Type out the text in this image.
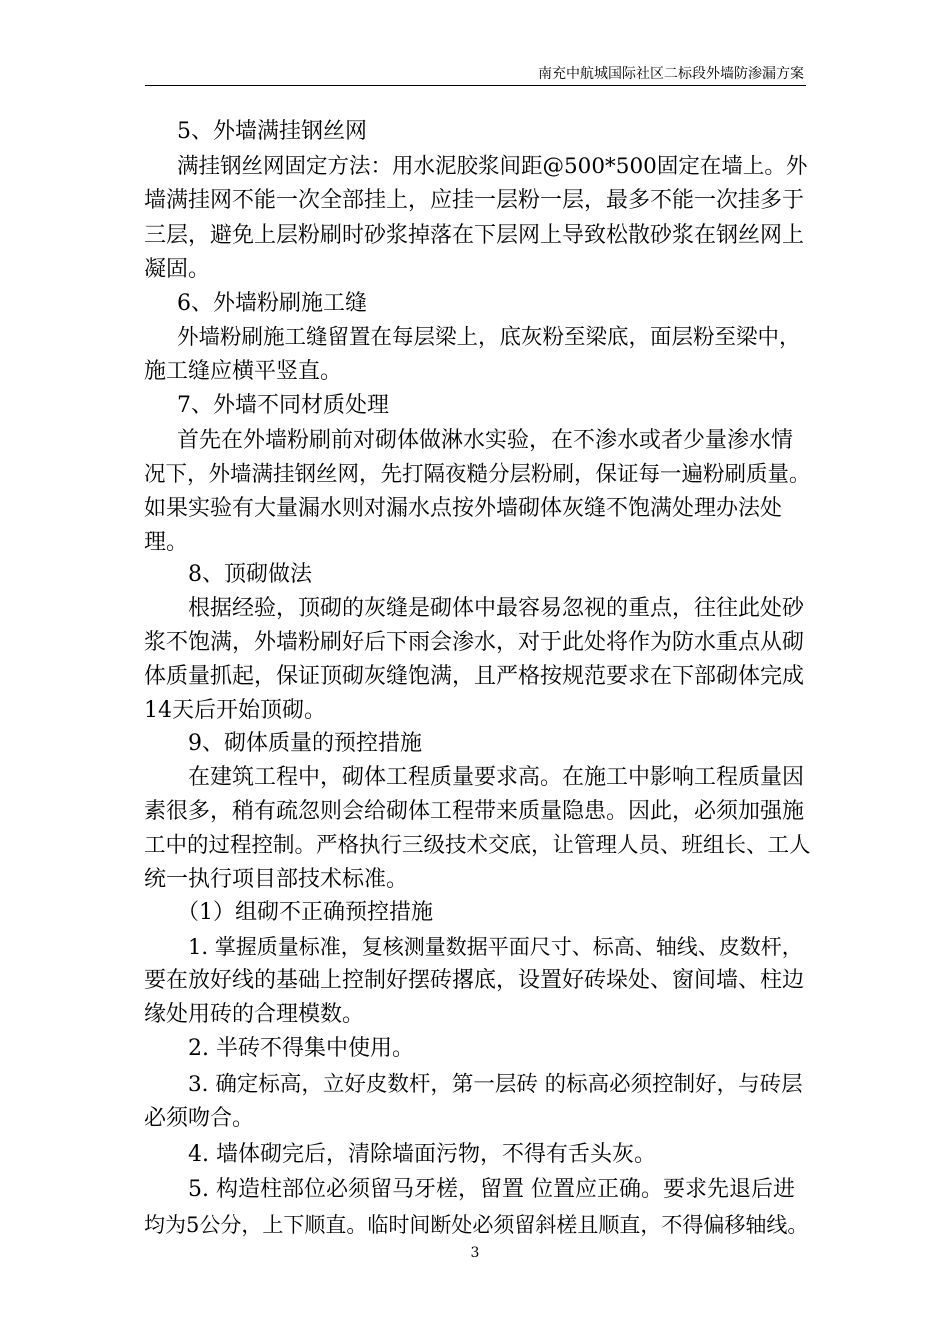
南充中航城国际社区二标段外墙防渗漏方案
5、外墙满挂钢丝网
满挂钢丝网固定方法：用水泥胶浆间距@500*500固定在墙上。外
墙满挂网不能一次全部挂上，应挂一层粉一层，最多不能一次挂多于
三层，避免上层粉刷时砂浆掉落在下层网上导致松散砂浆在钢丝网上
凝固。
6、外墙粉刷施工缝
外墙粉刷施工缝留置在每层梁上，底灰粉至梁底，面层粉至梁中，
施工缝应横平竖直。
7、外墙不同材质处理
首先在外墙粉刷前对砌体做淋水实验，在不渗水或者少量渗水情
况下，外墙满挂钢丝网，先打隔夜糙分层粉刷，保证每一遍粉刷质量。
如果实验有大量漏水则对漏水点按外墙砌体灰缝不饱满处理办法处
理。
8、顶砌做法
根据经验，顶砌的灰缝是砌体中最容易忽视的重点，往往此处砂
浆不饱满，外墙粉刷好后下雨会渗水，对于此处将作为防水重点从砌
体质量抓起，保证顶砌灰缝饱满，且严格按规范要求在下部砌体完成
14天后开始顶砌。
9、砌体质量的预控措施
在建筑工程中，砌体工程质量要求高。在施工中影响工程质量因
素很多，稍有疏忽则会给砌体工程带来质量隐患。因此，必须加强施
工中的过程控制。严格执行三级技术交底，让管理人员、班组长、工人
统一执行项目部技术标准。
（1）组砌不正确预控措施
1. 掌握质量标准，复核测量数据平面尺寸、标高、轴线、皮数杆，
要在放好线的基础上控制好摆砖撂底，设置好砖垛处、窗间墙、柱边
缘处用砖的合理模数。
2. 半砖不得集中使用。
3. 确定标高，立好皮数杆，第一层砖 的标高必须控制好，与砖层
必须吻合。
4. 墙体砌完后，清除墙面污物，不得有舌头灰。
5. 构造柱部位必须留马牙槎，留置 位置应正确。要求先退后进
均为5公分，上下顺直。临时间断处必须留斜槎且顺直，不得偏移轴线。
3
